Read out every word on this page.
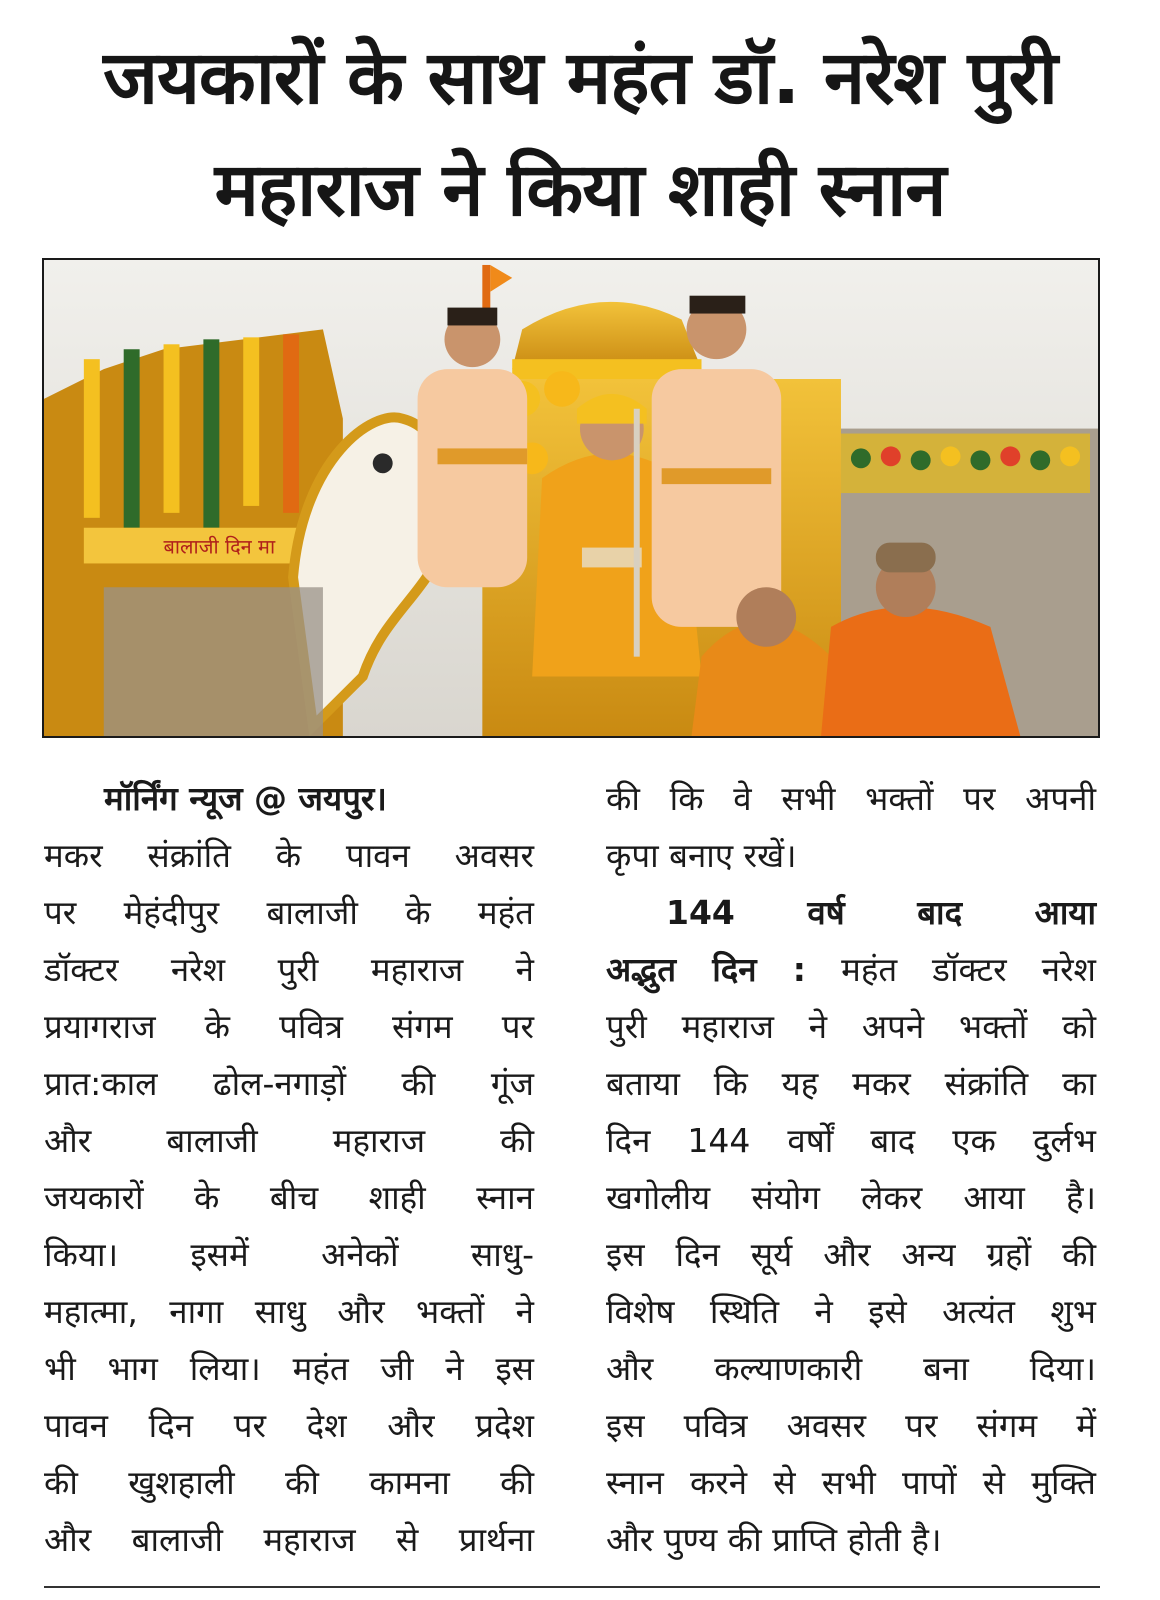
जयकारों के साथ महंत डॉ. नरेश पुरी
महाराज ने किया शाही स्नान
बालाजी दिन मा
मॉर्निंग न्यूज @ जयपुर।
मकर संक्रांति के पावन अवसर
पर मेहंदीपुर बालाजी के महंत
डॉक्टर नरेश पुरी महाराज ने
प्रयागराज के पवित्र संगम पर
प्रात:काल ढोल-नगाड़ों की गूंज
और बालाजी महाराज की
जयकारों के बीच शाही स्नान
किया। इसमें अनेकों साधु-
महात्मा, नागा साधु और भक्तों ने
भी भाग लिया। महंत जी ने इस
पावन दिन पर देश और प्रदेश
की खुशहाली की कामना की
और बालाजी महाराज से प्रार्थना
की कि वे सभी भक्तों पर अपनी
कृपा बनाए रखें।
144 वर्ष बाद आया
अद्भुत दिन : महंत डॉक्टर नरेश
पुरी महाराज ने अपने भक्तों को
बताया कि यह मकर संक्रांति का
दिन 144 वर्षों बाद एक दुर्लभ
खगोलीय संयोग लेकर आया है।
इस दिन सूर्य और अन्य ग्रहों की
विशेष स्थिति ने इसे अत्यंत शुभ
और कल्याणकारी बना दिया।
इस पवित्र अवसर पर संगम में
स्नान करने से सभी पापों से मुक्ति
और पुण्य की प्राप्ति होती है।
